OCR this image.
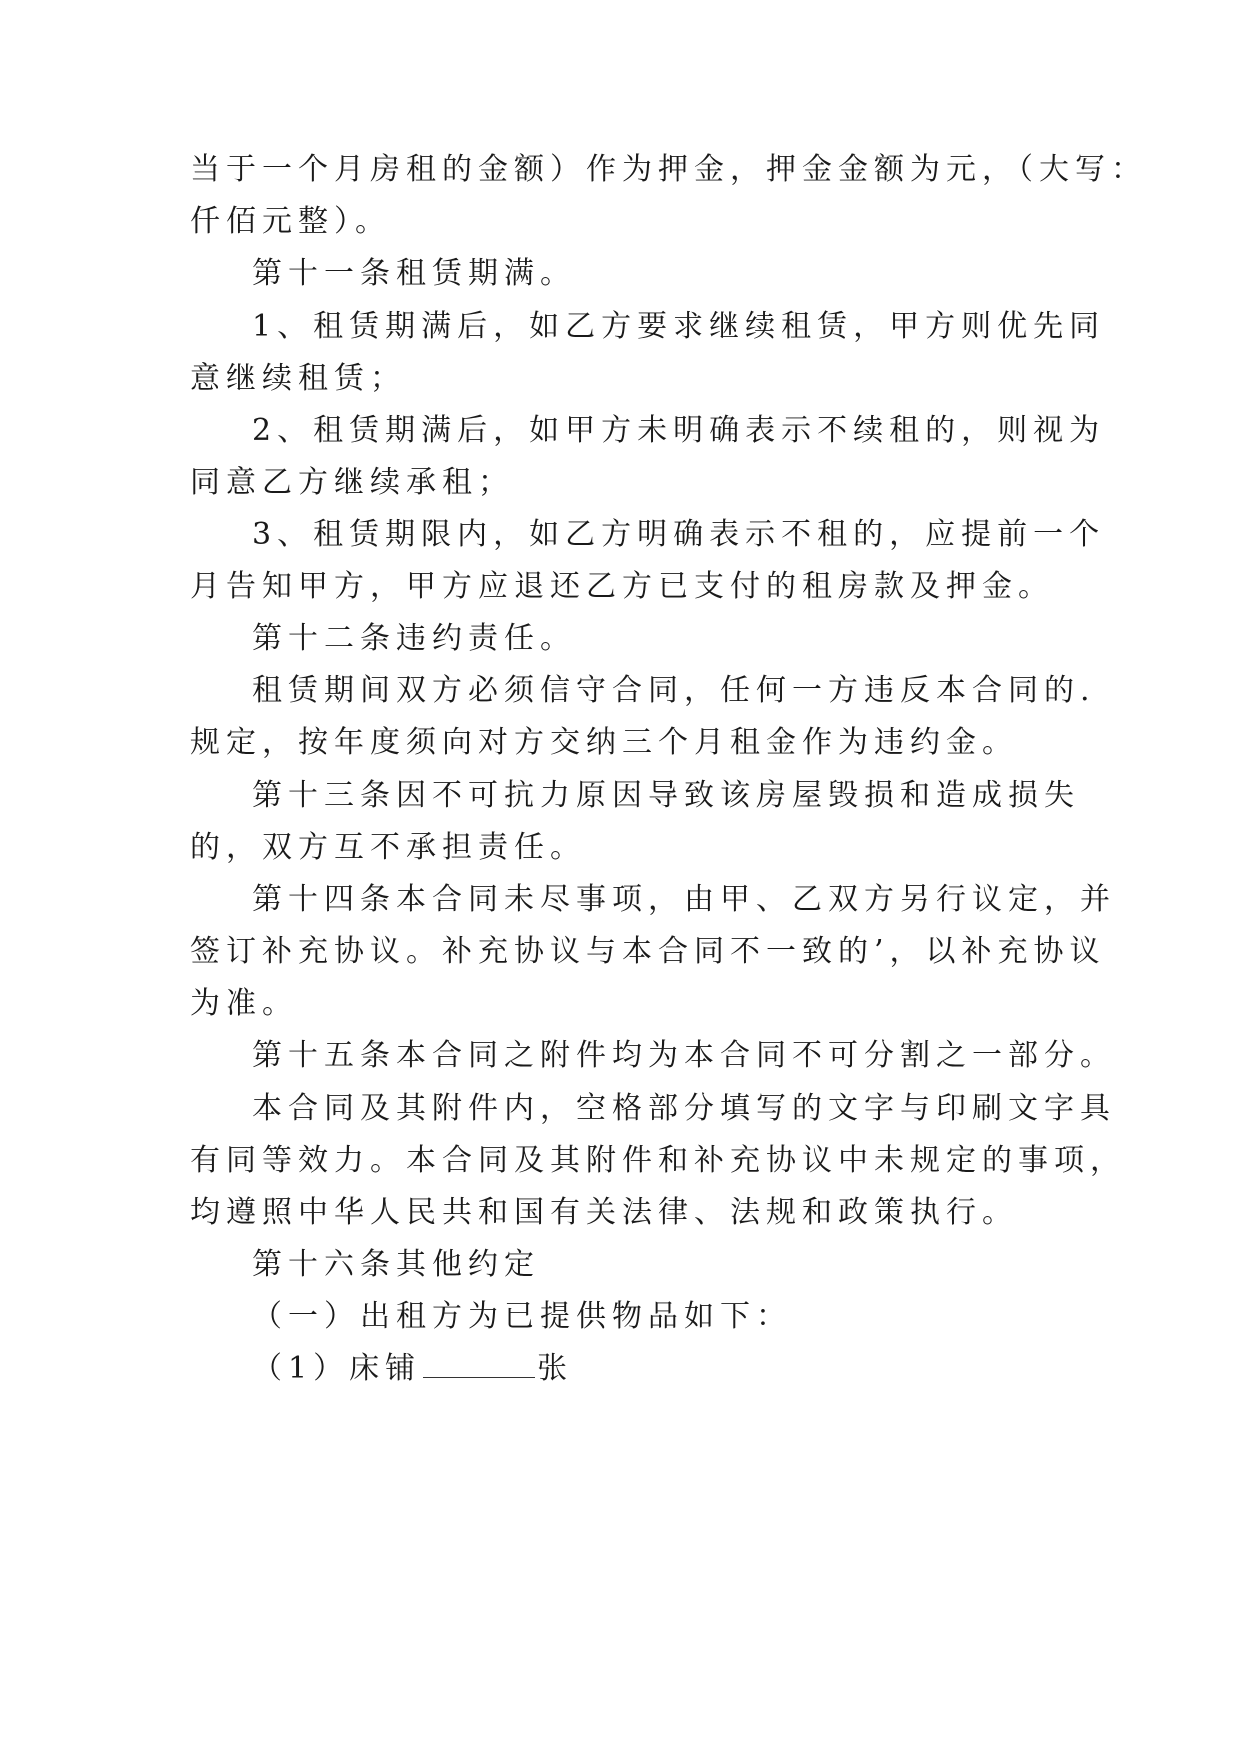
当于一个月房租的金额）作为押金，押金金额为元，（大写：
仟佰元整）。
第十一条租赁期满。
1、租赁期满后，如乙方要求继续租赁，甲方则优先同
意继续租赁；
2、租赁期满后，如甲方未明确表示不续租的，则视为
同意乙方继续承租；
3、租赁期限内，如乙方明确表示不租的，应提前一个
月告知甲方，甲方应退还乙方已支付的租房款及押金。
第十二条违约责任。
租赁期间双方必须信守合同，任何一方违反本合同的.
规定，按年度须向对方交纳三个月租金作为违约金。
第十三条因不可抗力原因导致该房屋毁损和造成损失
的，双方互不承担责任。
第十四条本合同未尽事项，由甲、乙双方另行议定，并
签订补充协议。补充协议与本合同不一致的’，以补充协议
为准。
第十五条本合同之附件均为本合同不可分割之一部分。
本合同及其附件内，空格部分填写的文字与印刷文字具
有同等效力。本合同及其附件和补充协议中未规定的事项，
均遵照中华人民共和国有关法律、法规和政策执行。
第十六条其他约定
（一）出租方为已提供物品如下：
（1）床铺	张
